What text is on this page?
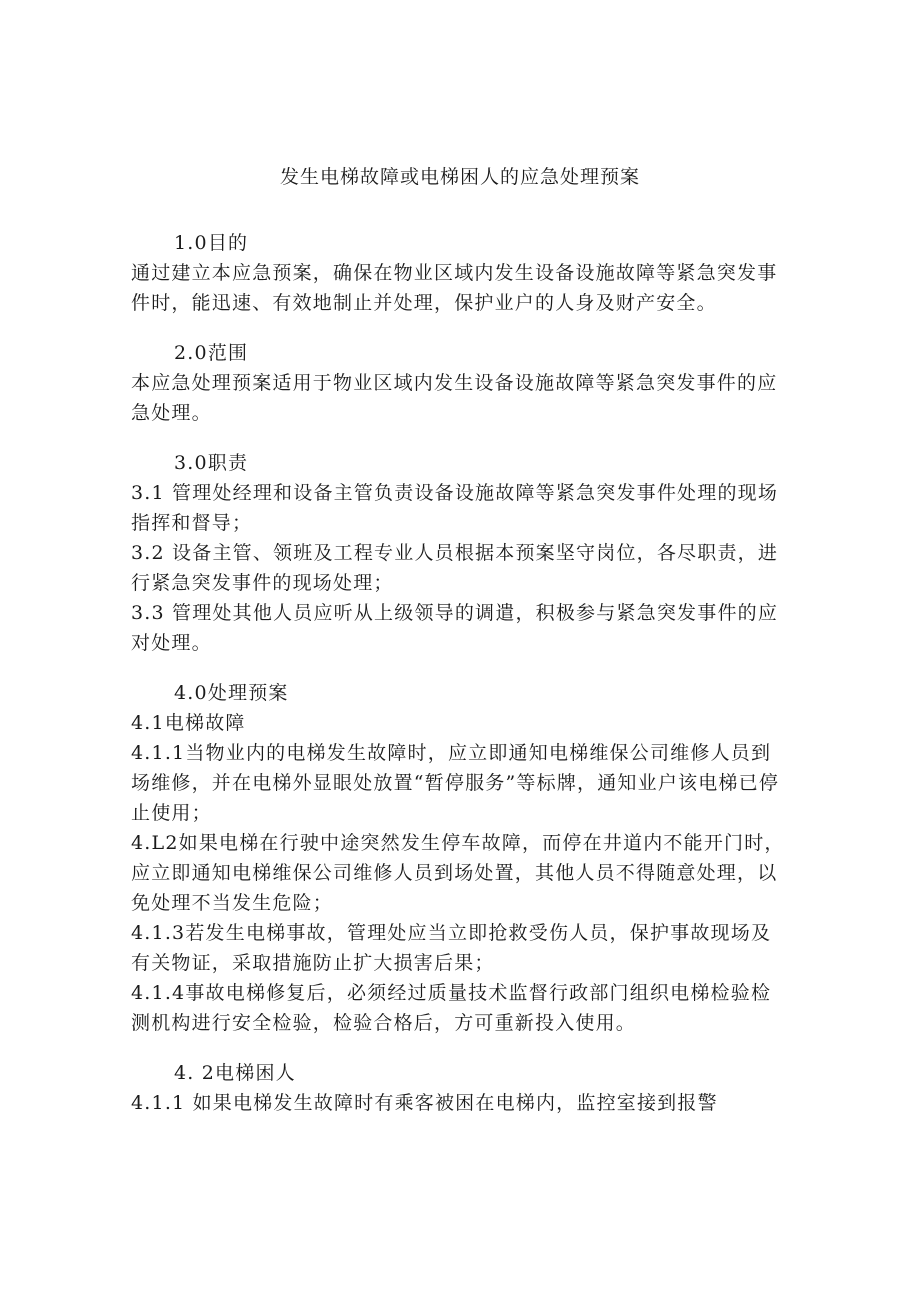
发生电梯故障或电梯困人的应急处理预案

1.0目的

通过建立本应急预案，确保在物业区域内发生设备设施故障等紧急突发事件时，能迅速、有效地制止并处理，保护业户的人身及财产安全。

2.0范围

本应急处理预案适用于物业区域内发生设备设施故障等紧急突发事件的应急处理。

3.0职责

3.1 管理处经理和设备主管负责设备设施故障等紧急突发事件处理的现场指挥和督导；

3.2 设备主管、领班及工程专业人员根据本预案坚守岗位，各尽职责，进行紧急突发事件的现场处理；

3.3 管理处其他人员应听从上级领导的调遣，积极参与紧急突发事件的应对处理。

4.0处理预案

4.1电梯故障

4.1.1当物业内的电梯发生故障时，应立即通知电梯维保公司维修人员到场维修，并在电梯外显眼处放置“暂停服务”等标牌，通知业户该电梯已停止使用；

4.L2如果电梯在行驶中途突然发生停车故障，而停在井道内不能开门时，应立即通知电梯维保公司维修人员到场处置，其他人员不得随意处理，以免处理不当发生危险；

4.1.3若发生电梯事故，管理处应当立即抢救受伤人员，保护事故现场及有关物证，采取措施防止扩大损害后果；

4.1.4事故电梯修复后，必须经过质量技术监督行政部门组织电梯检验检测机构进行安全检验，检验合格后，方可重新投入使用。

4. 2电梯困人

4.1.1 如果电梯发生故障时有乘客被困在电梯内，监控室接到报警
